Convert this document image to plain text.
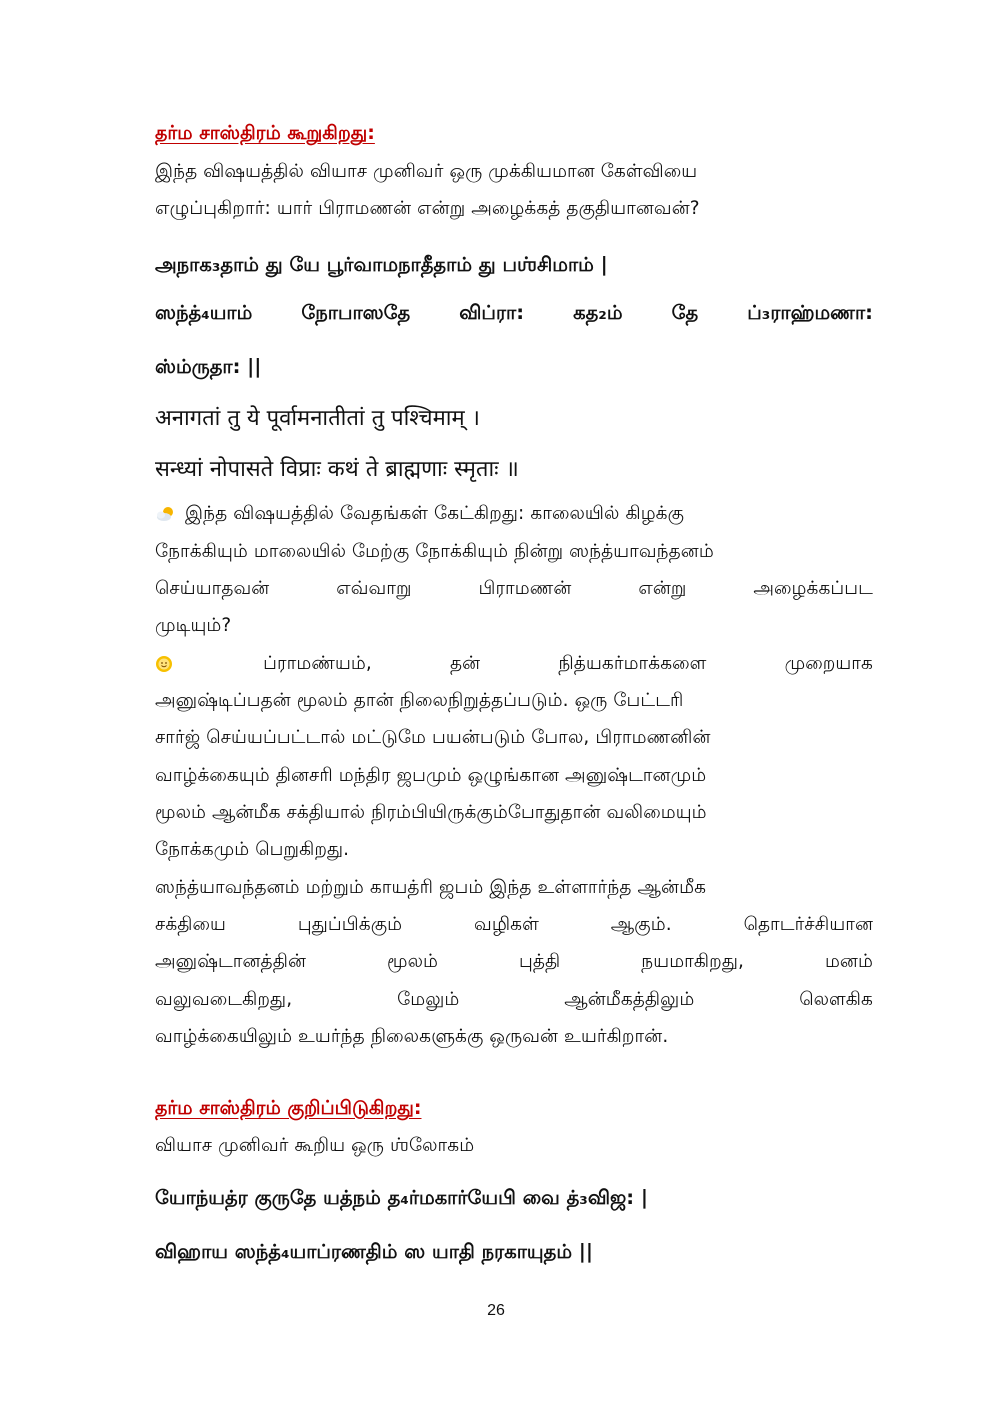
தர்ம சாஸ்திரம் கூறுகிறது:
இந்த விஷயத்தில் வியாச முனிவர் ஒரு முக்கியமான கேள்வியை
எழுப்புகிறார்: யார் பிராமணன் என்று அழைக்கத் தகுதியானவன்?
அநாக₃தாம் து யே பூர்வாமநாதீதாம் து பஶ்சிமாம் |
ஸந்த்₄யாம்	நோபாஸதே	விப்ரா:	கத₂ம்	தே	ப்₃ராஹ்மணா:
ஸ்ம்ருதா: ||
अनागतां तु ये पूर्वामनातीतां तु पश्चिमाम् ।
सन्ध्यां नोपासते विप्राः कथं ते ब्राह्मणाः स्मृताः ॥
இந்த விஷயத்தில் வேதங்கள் கேட்கிறது: காலையில் கிழக்கு
நோக்கியும் மாலையில் மேற்கு நோக்கியும் நின்று ஸந்த்யாவந்தனம்
செய்யாதவன்	எவ்வாறு	பிராமணன்	என்று	அழைக்கப்பட
முடியும்?
ப்ராமண்யம்,	தன்	நித்யகர்மாக்களை	முறையாக
அனுஷ்டிப்பதன் மூலம் தான் நிலைநிறுத்தப்படும். ஒரு பேட்டரி
சார்ஜ் செய்யப்பட்டால் மட்டுமே பயன்படும் போல, பிராமணனின்
வாழ்க்கையும் தினசரி மந்திர ஜபமும் ஒழுங்கான அனுஷ்டானமும்
மூலம் ஆன்மீக சக்தியால் நிரம்பியிருக்கும்போதுதான் வலிமையும்
நோக்கமும் பெறுகிறது.
ஸந்த்யாவந்தனம் மற்றும் காயத்ரி ஜபம் இந்த உள்ளார்ந்த ஆன்மீக
சக்தியை	புதுப்பிக்கும்	வழிகள்	ஆகும்.	தொடர்ச்சியான
அனுஷ்டானத்தின்	மூலம்	புத்தி	நயமாகிறது,	மனம்
வலுவடைகிறது,	மேலும்	ஆன்மீகத்திலும்	லௌகிக
வாழ்க்கையிலும் உயர்ந்த நிலைகளுக்கு ஒருவன் உயர்கிறான்.
தர்ம சாஸ்திரம் குறிப்பிடுகிறது:
வியாச முனிவர் கூறிய ஒரு ஶ்லோகம்
யோந்யத்ர குருதே யத்நம் த₄ர்மகார்யேபி வை த்₃விஜ: |
விஹாய ஸந்த்₄யாப்ரணதிம் ஸ யாதி நரகாயுதம் ||
26
